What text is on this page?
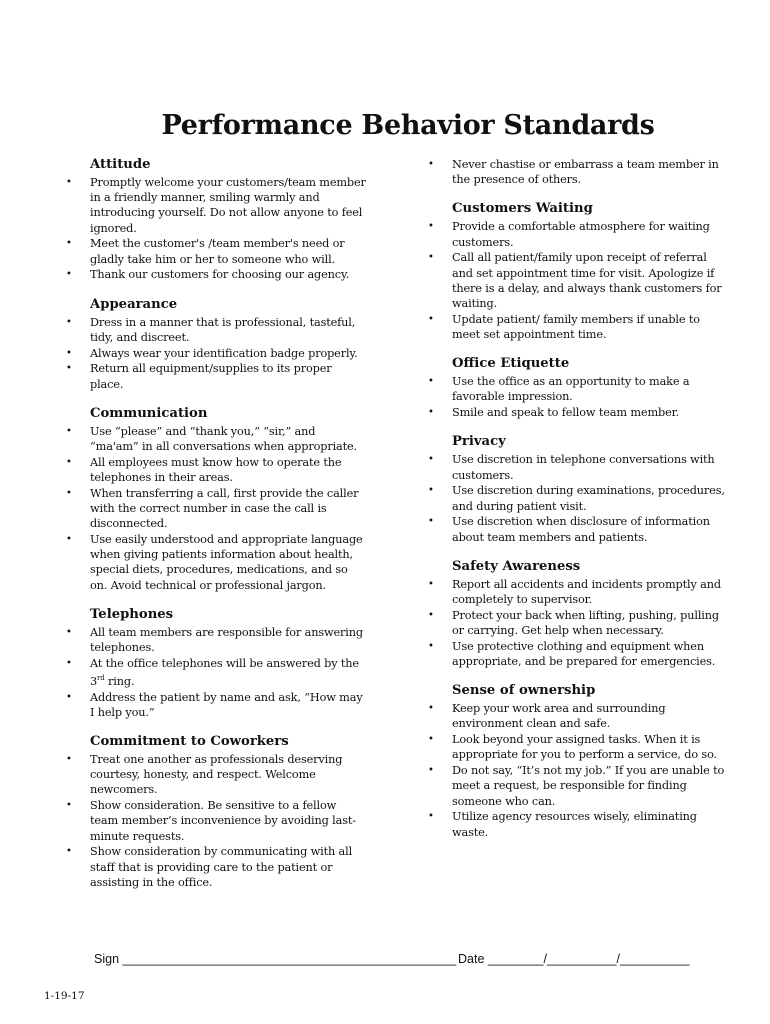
Performance Behavior Standards
Attitude
•	Promptly welcome your customers/team member in a friendly manner, smiling warmly and introducing yourself. Do not allow anyone to feel ignored.
•	Meet the customer's /team member's need or gladly take him or her to someone who will.
•	Thank our customers for choosing our agency.
Appearance
•	Dress in a manner that is professional, tasteful, tidy, and discreet.
•	Always wear your identification badge properly.
•	Return all equipment/supplies to its proper place.
Communication
•	Use “please” and “thank you,” “sir,” and “ma'am” in all conversations when appropriate.
•	All employees must know how to operate the telephones in their areas.
•	When transferring a call, first provide the caller with the correct number in case the call is disconnected.
•	Use easily understood and appropriate language when giving patients information about health, special diets, procedures, medications, and so on. Avoid technical or professional jargon.
Telephones
•	All team members are responsible for answering telephones.
•	At the office telephones will be answered by the 3rd ring.
•	Address the patient by name and ask, “How may I help you.”
Commitment to Coworkers
•	Treat one another as professionals deserving courtesy, honesty, and respect. Welcome newcomers.
•	Show consideration. Be sensitive to a fellow team member’s inconvenience by avoiding last-minute requests.
•	Show consideration by communicating with all staff that is providing care to the patient or assisting in the office.
•	Never chastise or embarrass a team member in the presence of others.
Customers Waiting
•	Provide a comfortable atmosphere for waiting customers.
•	Call all patient/family upon receipt of referral and set appointment time for visit. Apologize if there is a delay, and always thank customers for waiting.
•	Update patient/ family members if unable to meet set appointment time.
Office Etiquette
•	Use the office as an opportunity to make a favorable impression.
•	Smile and speak to fellow team member.
Privacy
•	Use discretion in telephone conversations with customers.
•	Use discretion during examinations, procedures, and during patient visit.
•	Use discretion when disclosure of information about team members and patients.
Safety Awareness
•	Report all accidents and incidents promptly and completely to supervisor.
•	Protect your back when lifting, pushing, pulling or carrying. Get help when necessary.
•	Use protective clothing and equipment when appropriate, and be prepared for emergencies.
Sense of ownership
•	Keep your work area and surrounding environment clean and safe.
•	Look beyond your assigned tasks. When it is appropriate for you to perform a service, do so.
•	Do not say, “It’s not my job.” If you are unable to meet a request, be responsible for finding someone who can.
•	Utilize agency resources wisely, eliminating waste.
Sign ________________________________________________ Date ________/__________/__________
1-19-17
